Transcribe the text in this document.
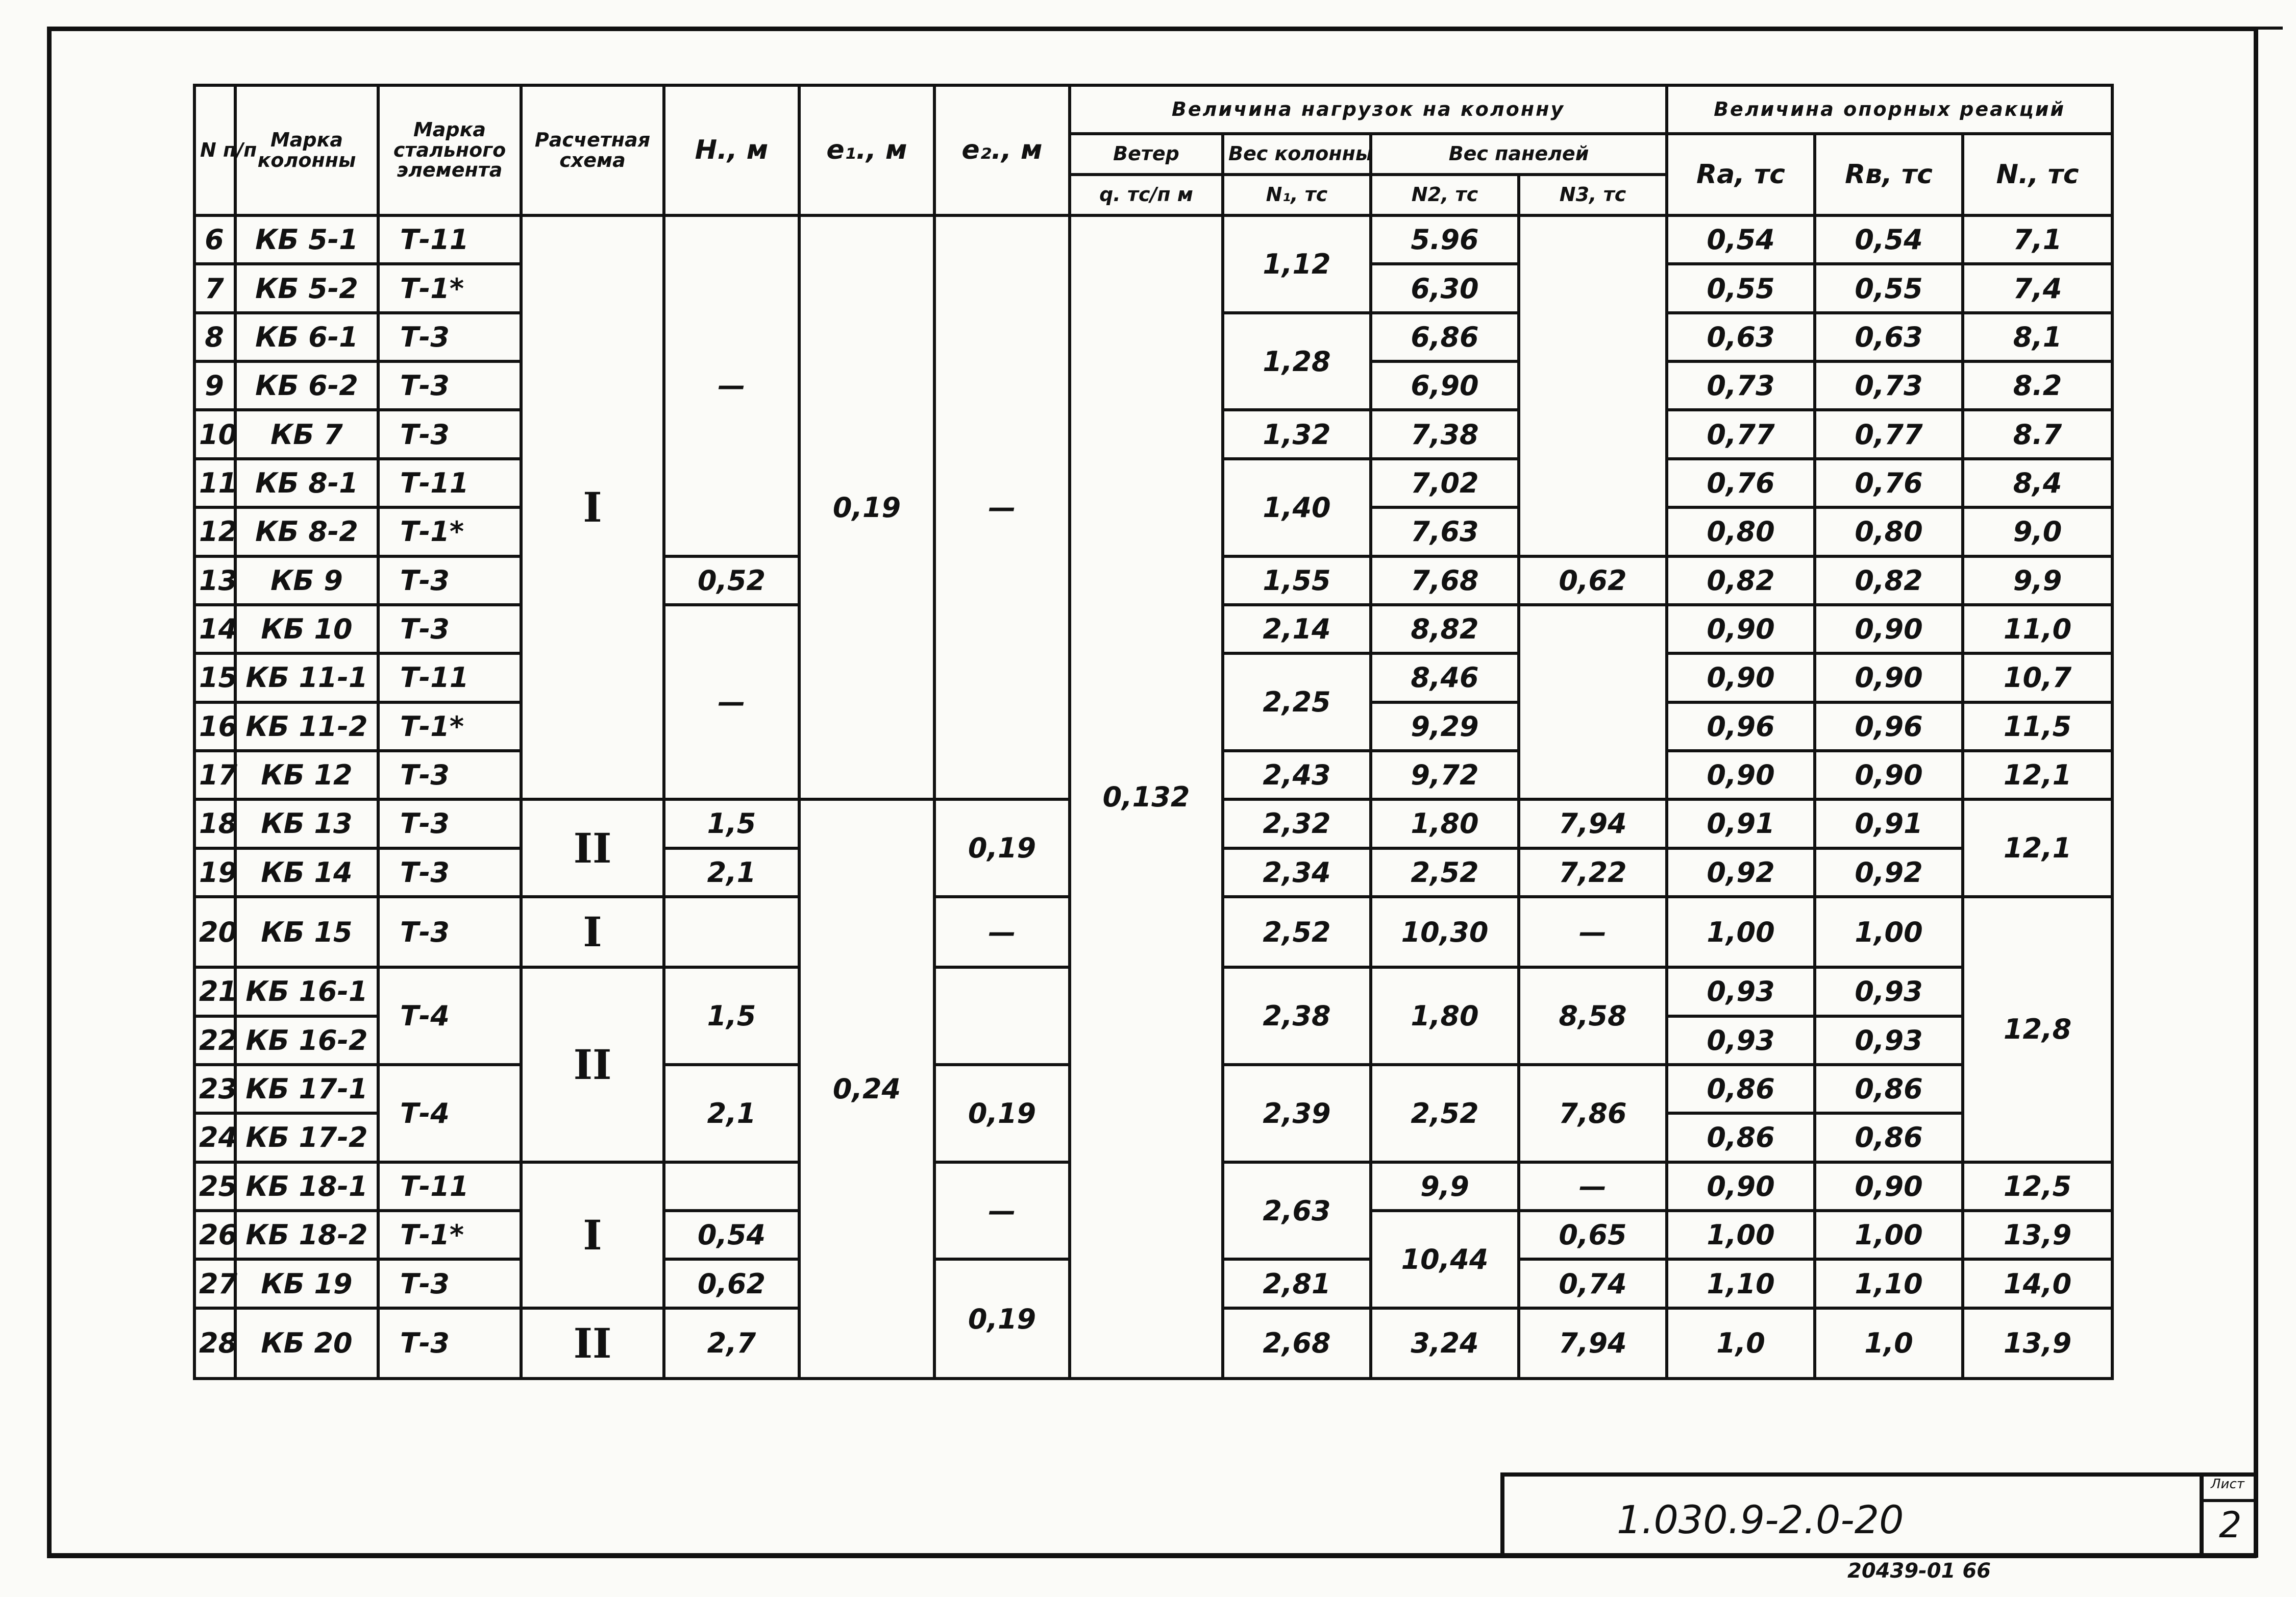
N п/п	Марка колонны	Марка стального элемента	Расчетная схема	H., м	e₁., м	e₂., м	Величина нагрузок на колонну				Величина опорных реакций		
							Ветер	Вес колонны	Вес панелей		Rа, тс	Rв, тс	N., тс
							q. тс/п м	N₁, тс	N2, тс	N3, тс			
6	КБ 5-1	Т-11	I	—	0,19	—	0,132	1,12	5.96		0,54	0,54	7,1
7	КБ 5-2	Т-1*							6,30		0,55	0,55	7,4
8	КБ 6-1	Т-3						1,28	6,86		0,63	0,63	8,1
9	КБ 6-2	Т-3							6,90		0,73	0,73	8.2
10	КБ 7	Т-3						1,32	7,38		0,77	0,77	8.7
11	КБ 8-1	Т-11						1,40	7,02		0,76	0,76	8,4
12	КБ 8-2	Т-1*							7,63		0,80	0,80	9,0
13	КБ 9	Т-3		0,52				1,55	7,68	0,62	0,82	0,82	9,9
14	КБ 10	Т-3		—				2,14	8,82		0,90	0,90	11,0
15	КБ 11-1	Т-11						2,25	8,46		0,90	0,90	10,7
16	КБ 11-2	Т-1*							9,29		0,96	0,96	11,5
17	КБ 12	Т-3						2,43	9,72		0,90	0,90	12,1
18	КБ 13	Т-3	II	1,5	0,24	0,19		2,32	1,80	7,94	0,91	0,91	12,1
19	КБ 14	Т-3		2,1				2,34	2,52	7,22	0,92	0,92	
20	КБ 15	Т-3	I			—		2,52	10,30	—	1,00	1,00	12,8
21	КБ 16-1	Т-4	II	1,5				2,38	1,80	8,58	0,93	0,93	
22	КБ 16-2										0,93	0,93	
23	КБ 17-1	Т-4		2,1		0,19		2,39	2,52	7,86	0,86	0,86	
24	КБ 17-2										0,86	0,86	
25	КБ 18-1	Т-11	I			—		2,63	9,9	—	0,90	0,90	12,5
26	КБ 18-2	Т-1*		0,54					10,44	0,65	1,00	1,00	13,9
27	КБ 19	Т-3		0,62		0,19		2,81		0,74	1,10	1,10	14,0
28	КБ 20	Т-3	II	2,7				2,68	3,24	7,94	1,0	1,0	13,9
1.030.9-2.0-20
Лист
2
20439-01 66
